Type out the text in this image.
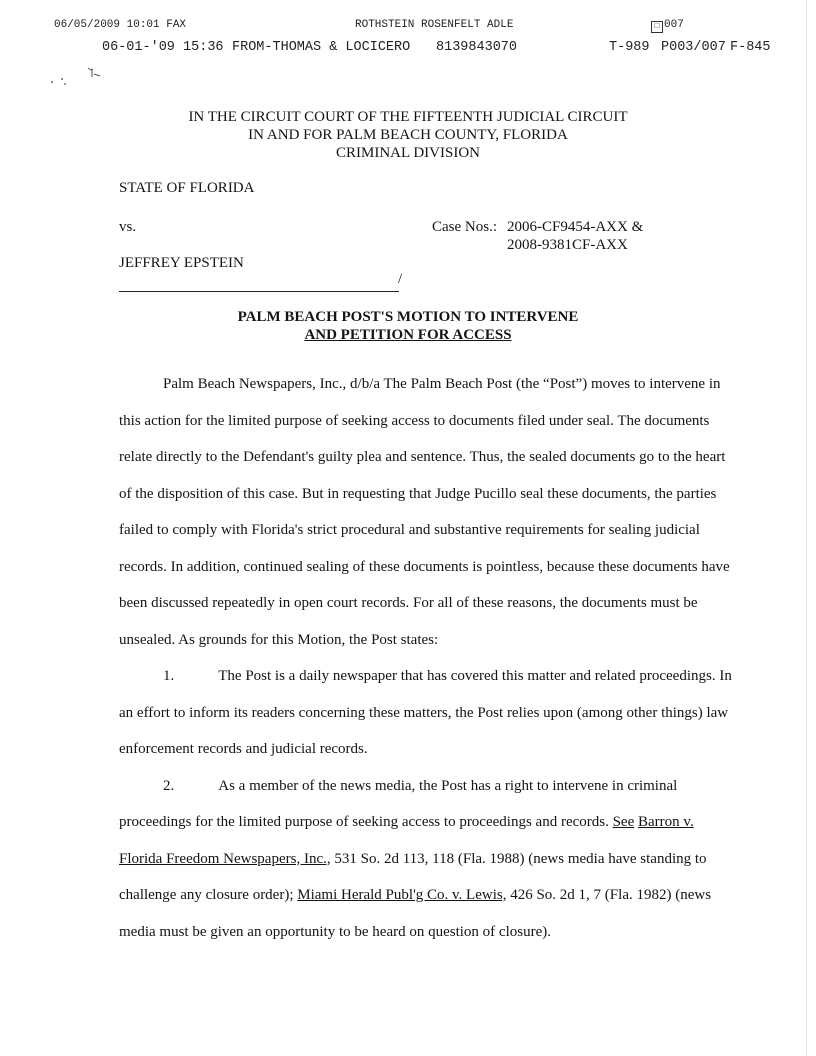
06/05/2009 10:01 FAX	ROTHSTEIN ROSENFELT ADLE	□ 007
06-01-'09 15:36 FROM-THOMAS & LOCICERO 8139843070	T-989 P003/007 F-845
IN THE CIRCUIT COURT OF THE FIFTEENTH JUDICIAL CIRCUIT
IN AND FOR PALM BEACH COUNTY, FLORIDA
CRIMINAL DIVISION
STATE OF FLORIDA
vs.	Case Nos.: 2006-CF9454-AXX &
2008-9381CF-AXX
JEFFREY EPSTEIN
/
PALM BEACH POST'S MOTION TO INTERVENE
AND PETITION FOR ACCESS

Palm Beach Newspapers, Inc., d/b/a The Palm Beach Post (the “Post”) moves to intervene in this action for the limited purpose of seeking access to documents filed under seal. The documents relate directly to the Defendant's guilty plea and sentence. Thus, the sealed documents go to the heart of the disposition of this case. But in requesting that Judge Pucillo seal these documents, the parties failed to comply with Florida's strict procedural and substantive requirements for sealing judicial records. In addition, continued sealing of these documents is pointless, because these documents have been discussed repeatedly in open court records. For all of these reasons, the documents must be unsealed. As grounds for this Motion, the Post states:

1.	The Post is a daily newspaper that has covered this matter and related proceedings. In an effort to inform its readers concerning these matters, the Post relies upon (among other things) law enforcement records and judicial records.

2.	As a member of the news media, the Post has a right to intervene in criminal proceedings for the limited purpose of seeking access to proceedings and records. See Barron v. Florida Freedom Newspapers, Inc., 531 So. 2d 113, 118 (Fla. 1988) (news media have standing to challenge any closure order); Miami Herald Publ'g Co. v. Lewis, 426 So. 2d 1, 7 (Fla. 1982) (news media must be given an opportunity to be heard on question of closure).
